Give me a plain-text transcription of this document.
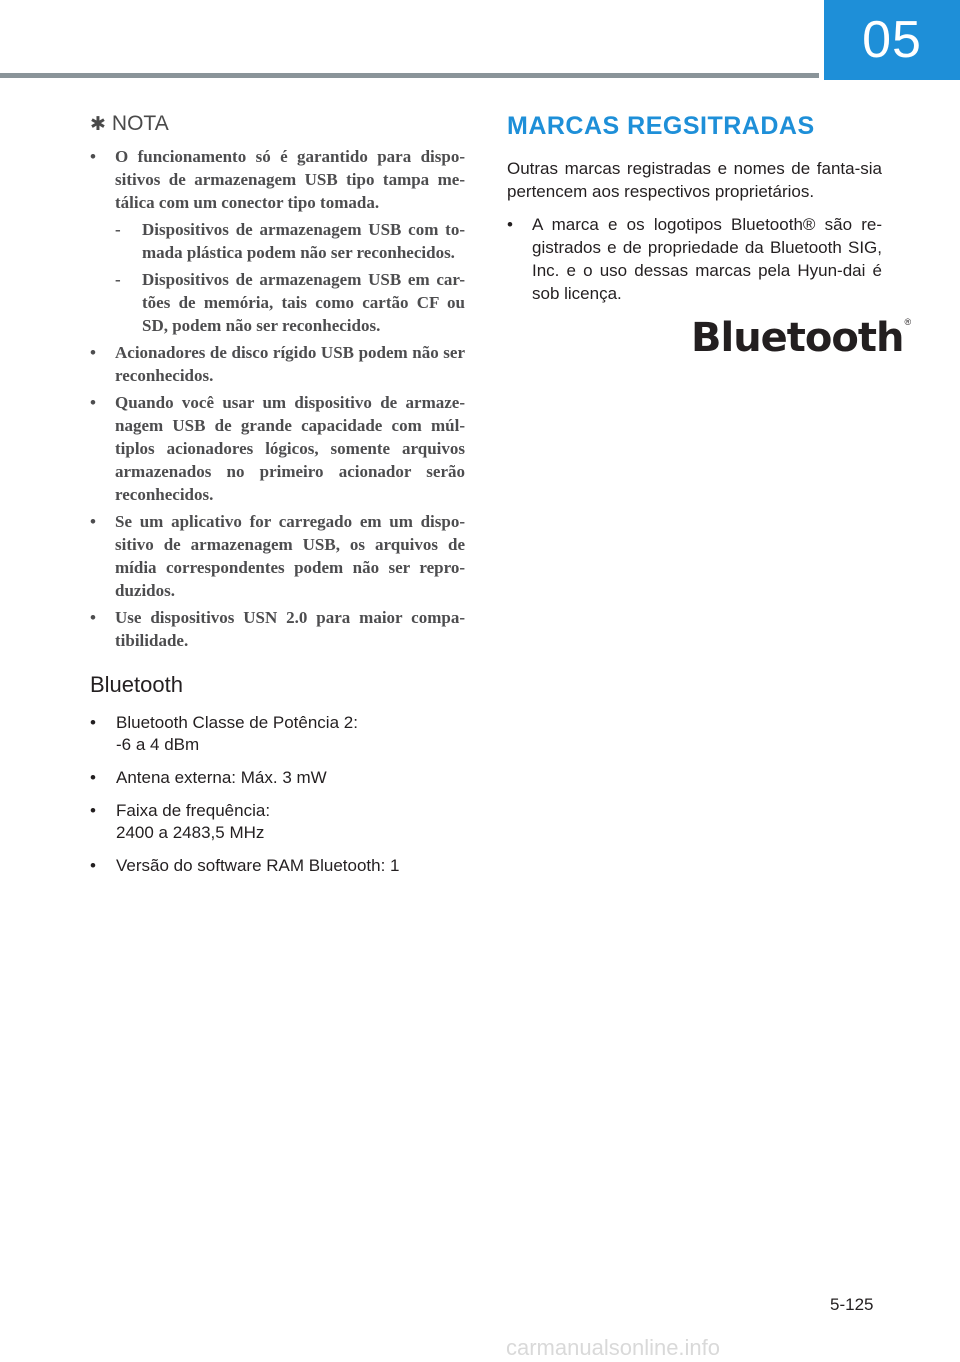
05
✱ NOTA
• O funcionamento só é garantido para dispo-sitivos de armazenagem USB tipo tampa me-tálica com um conector tipo tomada.
- Dispositivos de armazenagem USB com to-mada plástica podem não ser reconhecidos.
- Dispositivos de armazenagem USB em car-tões de memória, tais como cartão CF ou SD, podem não ser reconhecidos.
• Acionadores de disco rígido USB podem não ser reconhecidos.
• Quando você usar um dispositivo de armaze-nagem USB de grande capacidade com múl-tiplos acionadores lógicos, somente arquivos armazenados no primeiro acionador serão reconhecidos.
• Se um aplicativo for carregado em um dispo-sitivo de armazenagem USB, os arquivos de mídia correspondentes podem não ser repro-duzidos.
• Use dispositivos USN 2.0 para maior compa-tibilidade.
Bluetooth
• Bluetooth Classe de Potência 2:
-6 a 4 dBm
• Antena externa: Máx. 3 mW
• Faixa de frequência:
2400 a 2483,5 MHz
• Versão do software RAM Bluetooth: 1
MARCAS REGSITRADAS

Outras marcas registradas e nomes de fanta-sia pertencem aos respectivos proprietários.

• A marca e os logotipos Bluetooth® são re-gistrados e de propriedade da Bluetooth SIG, Inc. e o uso dessas marcas pela Hyun-dai é sob licença.
Bluetooth ®
5-125
carmanualsonline.info
